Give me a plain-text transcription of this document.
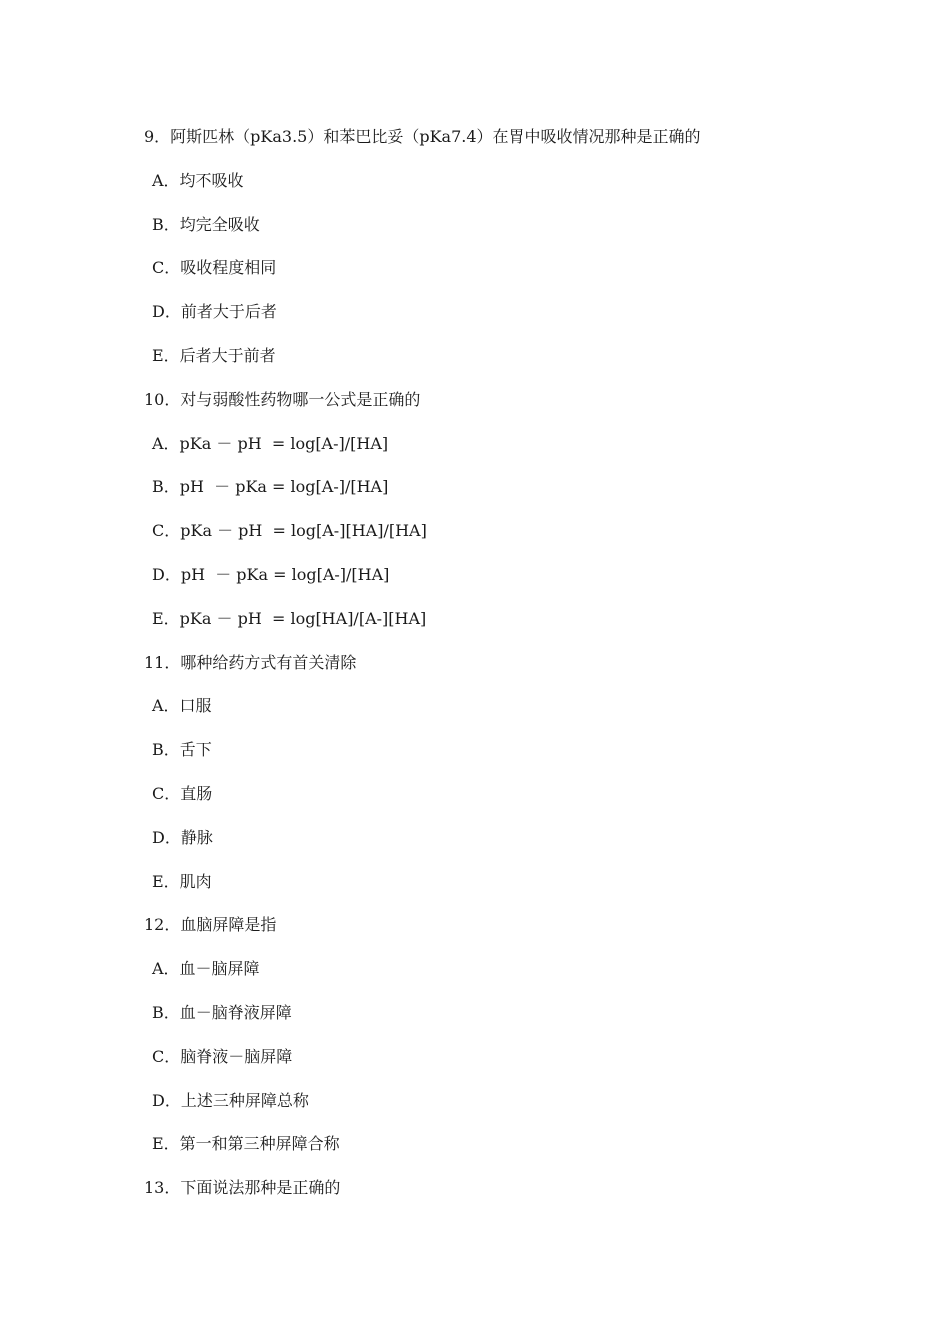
9．阿斯匹林（pKa3.5）和苯巴比妥（pKa7.4）在胃中吸收情况那种是正确的
A．均不吸收
B．均完全吸收
C．吸收程度相同
D．前者大于后者
E．后者大于前者
10．对与弱酸性药物哪一公式是正确的
A．pKa － pH  = log[A-]/[HA]
B．pH  － pKa = log[A-]/[HA]
C．pKa － pH  = log[A-][HA]/[HA]
D．pH  － pKa = log[A-]/[HA]
E．pKa － pH  = log[HA]/[A-][HA]
11．哪种给药方式有首关清除
A．口服
B．舌下
C．直肠
D．静脉
E．肌肉
12．血脑屏障是指
A．血－脑屏障
B．血－脑脊液屏障
C．脑脊液－脑屏障
D．上述三种屏障总称
E．第一和第三种屏障合称
13．下面说法那种是正确的
